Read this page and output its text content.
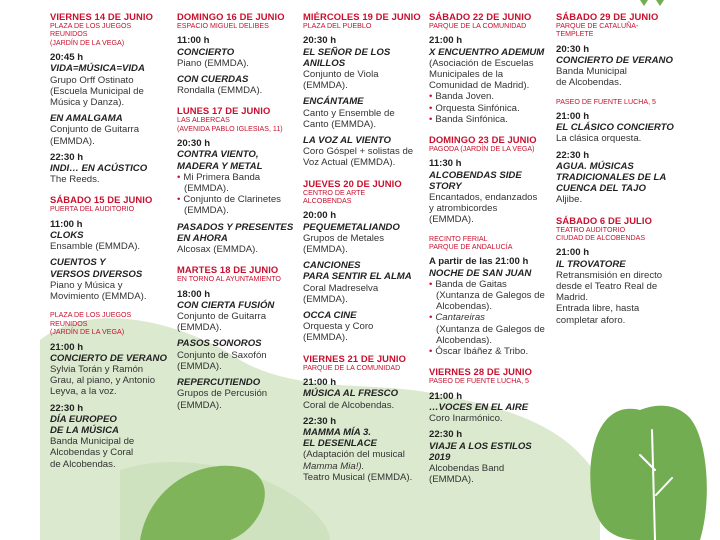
VIERNES 14 DE JUNIO
PLAZA DE LOS JUEGOS
REUNIDOS
(JARDÍN DE LA VEGA)
20:45 h
VIDA=MÚSICA=VIDA
Grupo Orff Ostinato
(Escuela Municipal de
Música y Danza).
EN AMALGAMA
Conjunto de Guitarra
(EMMDA).
22:30 h
INDI… EN ACÚSTICO
The Reeds.
SÁBADO 15 DE JUNIO
PUERTA DEL AUDITORIO
11:00 h
CLOKS
Ensamble (EMMDA).
CUENTOS Y
VERSOS DIVERSOS
Piano y Música y
Movimiento (EMMDA).
PLAZA DE LOS JUEGOS
REUNIDOS
(JARDÍN DE LA VEGA)
21:00 h
CONCIERTO DE VERANO
Sylvia Torán y Ramón
Grau, al piano, y Antonio
Leyva, a la voz.
22:30 h
DÍA EUROPEO
DE LA MÚSICA
Banda Municipal de
Alcobendas y Coral
de Alcobendas.
DOMINGO 16 DE JUNIO
ESPACIO MIGUEL DELIBES
11:00 h
CONCIERTO
Piano (EMMDA).
CON CUERDAS
Rondalla (EMMDA).
LUNES 17 DE JUNIO
LAS ALBERCAS
(AVENIDA PABLO IGLESIAS, 11)
20:30 h
CONTRA VIENTO,
MADERA Y METAL
• Mi Primera Banda
(EMMDA).
• Conjunto de Clarinetes
(EMMDA).
PASADOS Y PRESENTES
EN AHORA
Alcosax (EMMDA).
MARTES 18 DE JUNIO
EN TORNO AL AYUNTAMIENTO
18:00 h
CON CIERTA FUSIÓN
Conjunto de Guitarra
(EMMDA).
PASOS SONOROS
Conjunto de Saxofón
(EMMDA).
REPERCUTIENDO
Grupos de Percusión
(EMMDA).
MIÉRCOLES 19 DE JUNIO
PLAZA DEL PUEBLO
20:30 h
EL SEÑOR DE LOS ANILLOS
Conjunto de Viola
(EMMDA).
ENCÁNTAME
Canto y Ensemble de
Canto (EMMDA).
LA VOZ AL VIENTO
Coro Góspel + solistas de
Voz Actual (EMMDA).
JUEVES 20 DE JUNIO
CENTRO DE ARTE
ALCOBENDAS
20:00 h
PEQUEMETALIANDO
Grupos de Metales
(EMMDA).
CANCIONES
PARA SENTIR EL ALMA
Coral Madreselva
(EMMDA).
OCCA CINE
Orquesta y Coro
(EMMDA).
VIERNES 21 DE JUNIO
PARQUE DE LA COMUNIDAD
21:00 h
MÚSICA AL FRESCO
Coral de Alcobendas.
22:30 h
MAMMA MÍA 3.
EL DESENLACE
(Adaptación del musical
Mamma Mia!).
Teatro Musical (EMMDA).
SÁBADO 22 DE JUNIO
PARQUE DE LA COMUNIDAD
21:00 h
X ENCUENTRO ADEMUM
(Asociación de Escuelas
Municipales de la
Comunidad de Madrid).
• Banda Joven.
• Orquesta Sinfónica.
• Banda Sinfónica.
DOMINGO 23 DE JUNIO
PAGODA (JARDÍN DE LA VEGA)
11:30 h
ALCOBENDAS SIDE STORY
Encantados, endanzados
y atrombicordes
(EMMDA).
RECINTO FERIAL
PARQUE DE ANDALUCÍA
A partir de las 21:00 h
NOCHE DE SAN JUAN
• Banda de Gaitas
(Xuntanza de Galegos de
Alcobendas).
• Cantareiras
(Xuntanza de Galegos de
Alcobendas).
• Óscar Ibáñez & Tribo.
VIERNES 28 DE JUNIO
PASEO DE FUENTE LUCHA, 5
21:00 h
…VOCES EN EL AIRE
Coro Inarmónico.
22:30 h
VIAJE A LOS ESTILOS 2019
Alcobendas Band
(EMMDA).
SÁBADO 29 DE JUNIO
PARQUE DE CATALUÑA-
TEMPLETE
20:30 h
CONCIERTO DE VERANO
Banda Municipal
de Alcobendas.
PASEO DE FUENTE LUCHA, 5
21:00 h
EL CLÁSICO CONCIERTO
La clásica orquesta.
22:30 h
AGUA. MÚSICAS
TRADICIONALES DE LA
CUENCA DEL TAJO
Aljibe.
SÁBADO 6 DE JULIO
TEATRO AUDITORIO
CIUDAD DE ALCOBENDAS
21:00 h
IL TROVATORE
Retransmisión en directo
desde el Teatro Real de
Madrid.
Entrada libre, hasta
completar aforo.
